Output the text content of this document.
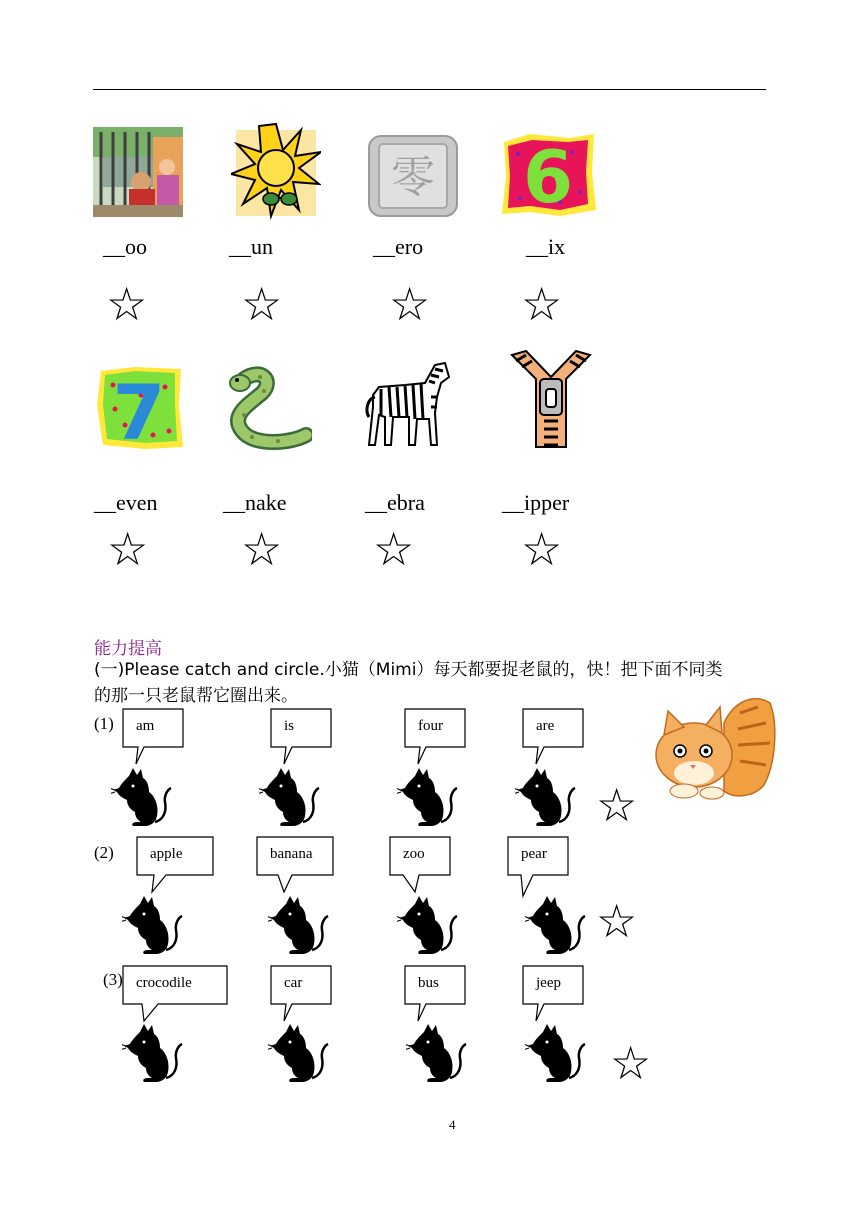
零 6
__oo	__un	__ero	__ix
☆ ☆ ☆ ☆
7
__even	__nake	__ebra	__ipper
☆ ☆ ☆ ☆
能力提高
(一)Please catch and circle.小猫（Mimi）每天都要捉老鼠的，快！把下面不同类
的那一只老鼠帮它圈出来。
(1)
(2)
(3)
am	is	four	are
☆
apple	banana	zoo	pear
☆
crocodile	car	bus	jeep
☆
4
